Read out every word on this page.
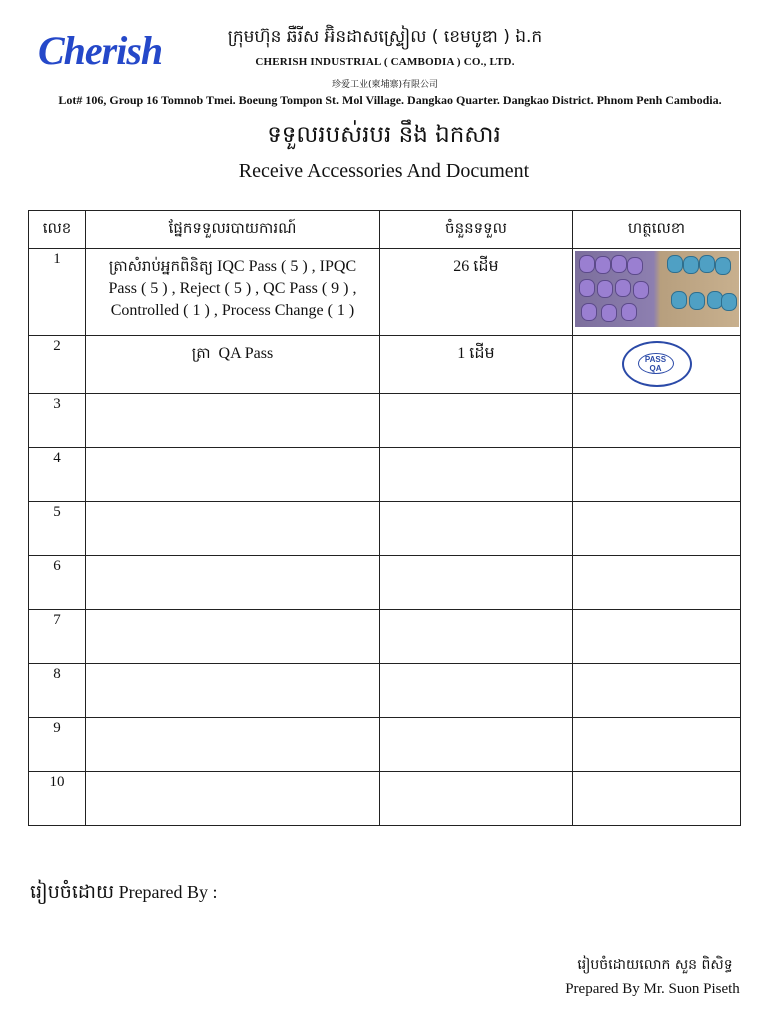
Cherish	ក្រុមហ៊ុន ឆឺរីស អ៊ិនដាសស្ទ្រៀល ( ខេមបូឌា ) ឯ.ក
CHERISH INDUSTRIAL ( CAMBODIA ) CO., LTD.
珍爱工业(柬埔寨)有限公司
Lot# 106, Group 16 Tomnob Tmei. Boeung Tompon St. Mol Village. Dangkao Quarter. Dangkao District. Phnom Penh Cambodia.
ទទួលរបស់របរ នឹង ឯកសារ
Receive Accessories And Document
លេខ	ផ្នែកទទួលរបាយការណ៍	ចំនួនទទួល	ហត្ថលេខា
1	ត្រាសំរាប់អ្នកពិនិត្យ IQC Pass ( 5 ) , IPQC Pass ( 5 ) , Reject ( 5 ) , QC Pass ( 9 ) , Controlled ( 1 ) , Process Change ( 1 )	26 ដើម	

2	ត្រា QA Pass	1 ដើម	PASS QA

3			
4			
5			
6			
7			
8			
9			
10			
រៀបចំដោយ Prepared By :
រៀបចំដោយលោក សួន ពិសិទ្ធ
Prepared By Mr. Suon Piseth
